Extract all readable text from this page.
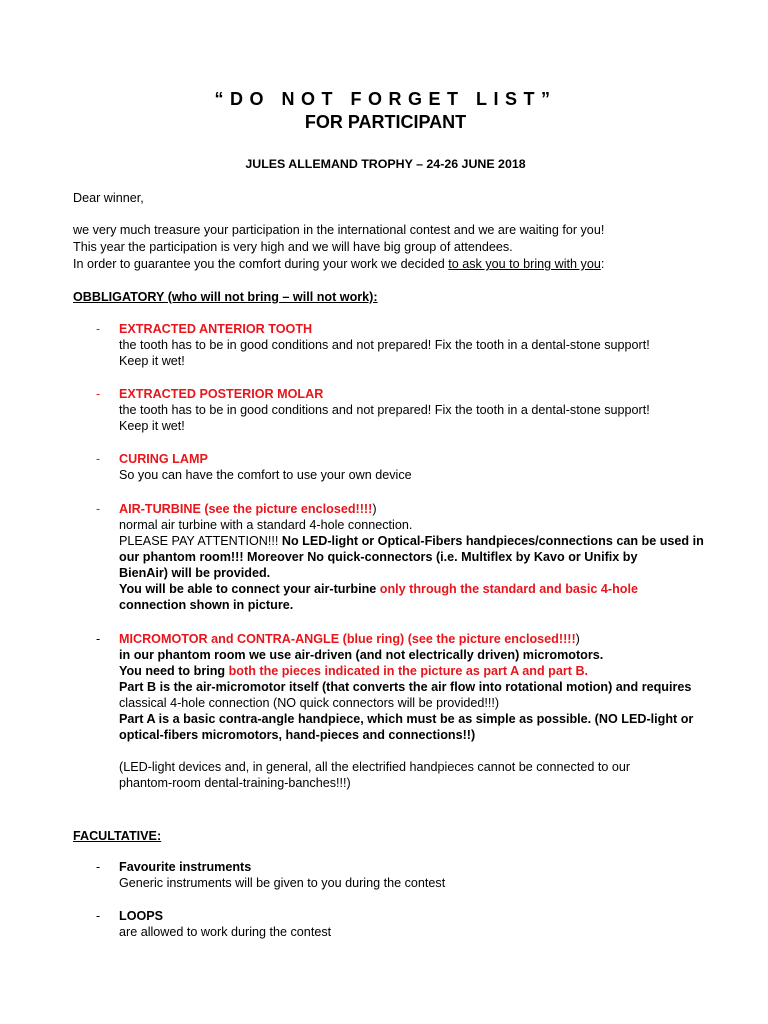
“DO NOT FORGET LIST”
FOR PARTICIPANT
JULES ALLEMAND TROPHY – 24-26 JUNE 2018
Dear winner,
we very much treasure your participation in the international contest and we are waiting for you!
This year the participation is very high and we will have big group of attendees.
In order to guarantee you the comfort during your work we decided to ask you to bring with you:
OBBLIGATORY (who will not bring – will not work):
- EXTRACTED ANTERIOR TOOTH
the tooth has to be in good conditions and not prepared! Fix the tooth in a dental-stone support!
Keep it wet!
- EXTRACTED POSTERIOR MOLAR
the tooth has to be in good conditions and not prepared! Fix the tooth in a dental-stone support!
Keep it wet!
- CURING LAMP
So you can have the comfort to use your own device
- AIR-TURBINE (see the picture enclosed!!!!)
normal air turbine with a standard 4-hole connection.
PLEASE PAY ATTENTION!!! No LED-light or Optical-Fibers handpieces/connections can be used in
our phantom room!!! Moreover No quick-connectors (i.e. Multiflex by Kavo or Unifix by
BienAir) will be provided.
You will be able to connect your air-turbine only through the standard and basic 4-hole
connection shown in picture.
- MICROMOTOR and CONTRA-ANGLE (blue ring) (see the picture enclosed!!!!)
in our phantom room we use air-driven (and not electrically driven) micromotors.
You need to bring both the pieces indicated in the picture as part A and part B.
Part B is the air-micromotor itself (that converts the air flow into rotational motion) and requires
classical 4-hole connection (NO quick connectors will be provided!!!)
Part A is a basic contra-angle handpiece, which must be as simple as possible. (NO LED-light or
optical-fibers micromotors, hand-pieces and connections!!)
(LED-light devices and, in general, all the electrified handpieces cannot be connected to our
phantom-room dental-training-banches!!!)
FACULTATIVE:
- Favourite instruments
Generic instruments will be given to you during the contest
- LOOPS
are allowed to work during the contest
